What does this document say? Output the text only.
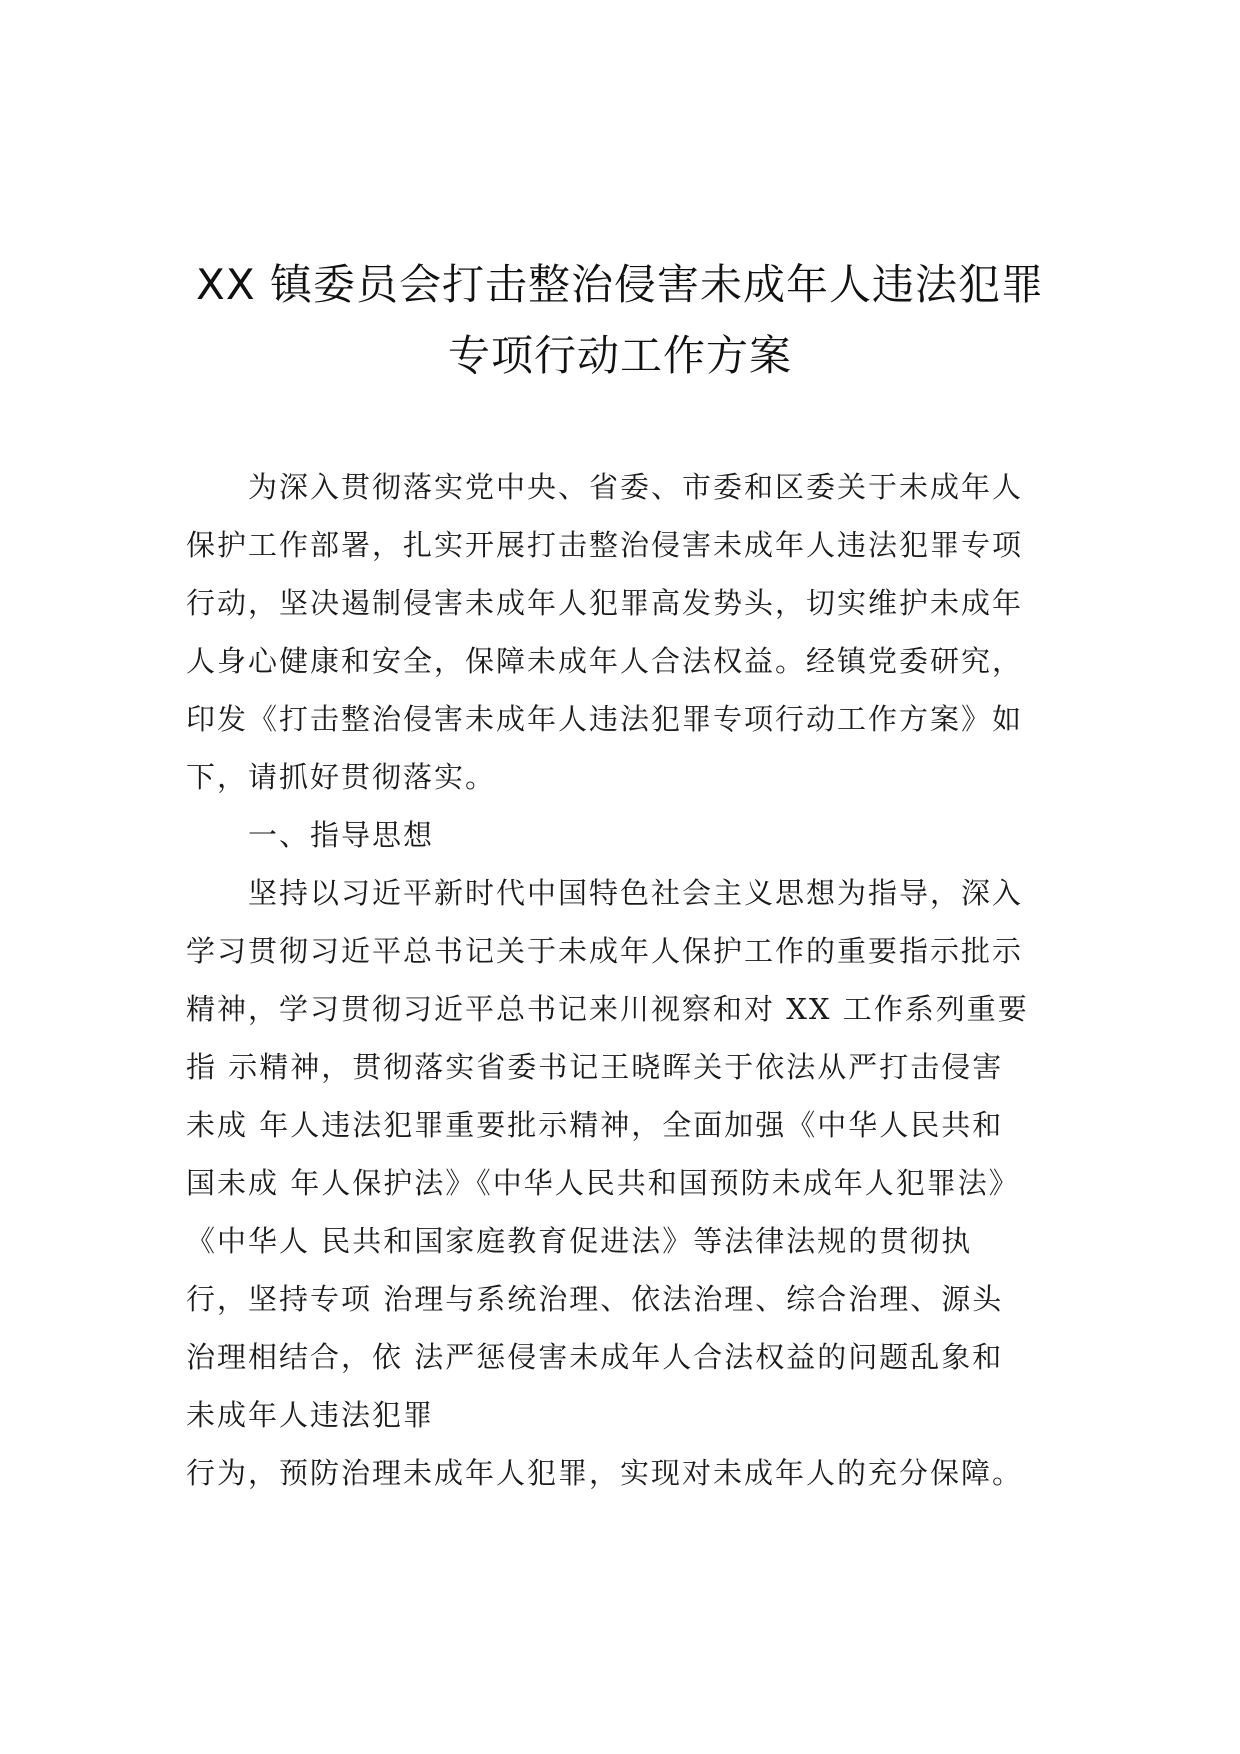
XX 镇委员会打击整治侵害未成年人违法犯罪
专项行动工作方案
为深入贯彻落实党中央、省委、市委和区委关于未成年人
保护工作部署，扎实开展打击整治侵害未成年人违法犯罪专项
行动，坚决遏制侵害未成年人犯罪高发势头，切实维护未成年
人身心健康和安全，保障未成年人合法权益。经镇党委研究，
印发《打击整治侵害未成年人违法犯罪专项行动工作方案》如
下，请抓好贯彻落实。
一、指导思想
坚持以习近平新时代中国特色社会主义思想为指导，深入
学习贯彻习近平总书记关于未成年人保护工作的重要指示批示
精神，学习贯彻习近平总书记来川视察和对 XX 工作系列重要
指 示精神，贯彻落实省委书记王晓晖关于依法从严打击侵害
未成 年人违法犯罪重要批示精神，全面加强《中华人民共和
国未成 年人保护法》《中华人民共和国预防未成年人犯罪法》
《中华人 民共和国家庭教育促进法》等法律法规的贯彻执
行，坚持专项 治理与系统治理、依法治理、综合治理、源头
治理相结合，依 法严惩侵害未成年人合法权益的问题乱象和
未成年人违法犯罪
行为，预防治理未成年人犯罪，实现对未成年人的充分保障。
